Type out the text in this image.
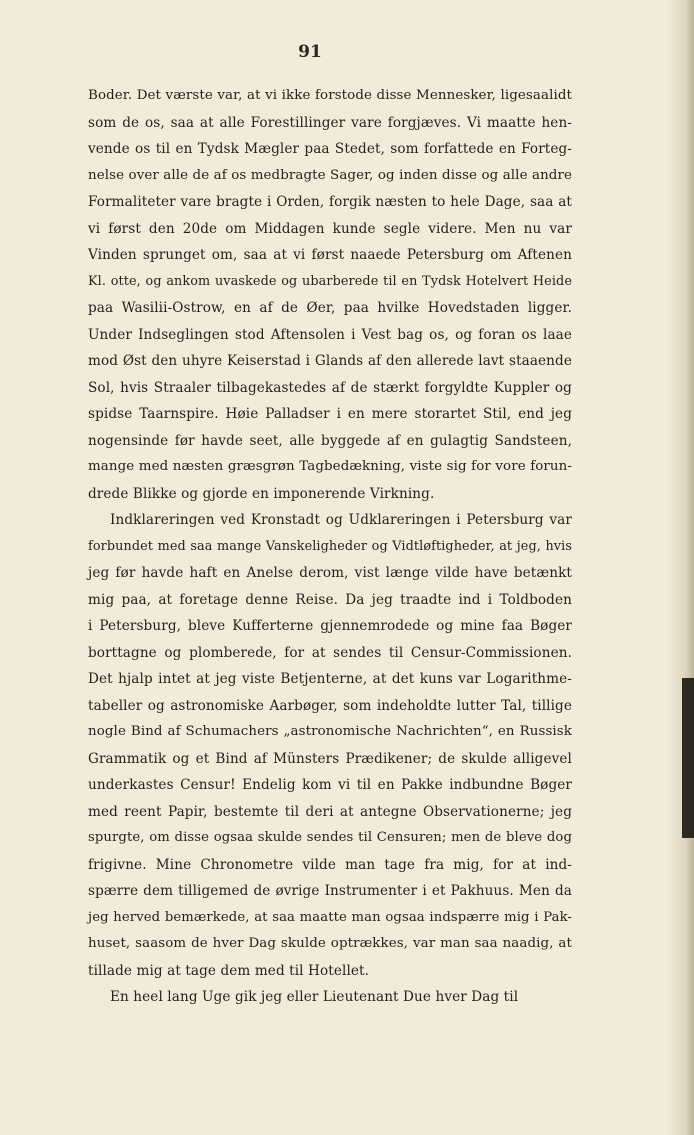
91
Boder. Det værste var, at vi ikke forstode disse Mennesker, ligesaalidt
som de os, saa at alle Forestillinger vare forgjæves. Vi maatte hen-
vende os til en Tydsk Mægler paa Stedet, som forfattede en Forteg-
nelse over alle de af os medbragte Sager, og inden disse og alle andre
Formaliteter vare bragte i Orden, forgik næsten to hele Dage, saa at
vi først den 20de om Middagen kunde segle videre. Men nu var
Vinden sprunget om, saa at vi først naaede Petersburg om Aftenen
Kl. otte, og ankom uvaskede og ubarberede til en Tydsk Hotelvert Heide
paa Wasilii-Ostrow, en af de Øer, paa hvilke Hovedstaden ligger.
Under Indseglingen stod Aftensolen i Vest bag os, og foran os laae
mod Øst den uhyre Keiserstad i Glands af den allerede lavt staaende
Sol, hvis Straaler tilbagekastedes af de stærkt forgyldte Kuppler og
spidse Taarnspire. Høie Palladser i en mere storartet Stil, end jeg
nogensinde før havde seet, alle byggede af en gulagtig Sandsteen,
mange med næsten græsgrøn Tagbedækning, viste sig for vore forun-
drede Blikke og gjorde en imponerende Virkning.
Indklareringen ved Kronstadt og Udklareringen i Petersburg var
forbundet med saa mange Vanskeligheder og Vidtløftigheder, at jeg, hvis
jeg før havde haft en Anelse derom, vist længe vilde have betænkt
mig paa, at foretage denne Reise. Da jeg traadte ind i Toldboden
i Petersburg, bleve Kufferterne gjennemrodede og mine faa Bøger
borttagne og plomberede, for at sendes til Censur-Commissionen.
Det hjalp intet at jeg viste Betjenterne, at det kuns var Logarithme-
tabeller og astronomiske Aarbøger, som indeholdte lutter Tal, tillige
nogle Bind af Schumachers „astronomische Nachrichten“, en Russisk
Grammatik og et Bind af Münsters Prædikener; de skulde alligevel
underkastes Censur! Endelig kom vi til en Pakke indbundne Bøger
med reent Papir, bestemte til deri at antegne Observationerne; jeg
spurgte, om disse ogsaa skulde sendes til Censuren; men de bleve dog
frigivne. Mine Chronometre vilde man tage fra mig, for at ind-
spærre dem tilligemed de øvrige Instrumenter i et Pakhuus. Men da
jeg herved bemærkede, at saa maatte man ogsaa indspærre mig i Pak-
huset, saasom de hver Dag skulde optrækkes, var man saa naadig, at
tillade mig at tage dem med til Hotellet.
En heel lang Uge gik jeg eller Lieutenant Due hver Dag til
